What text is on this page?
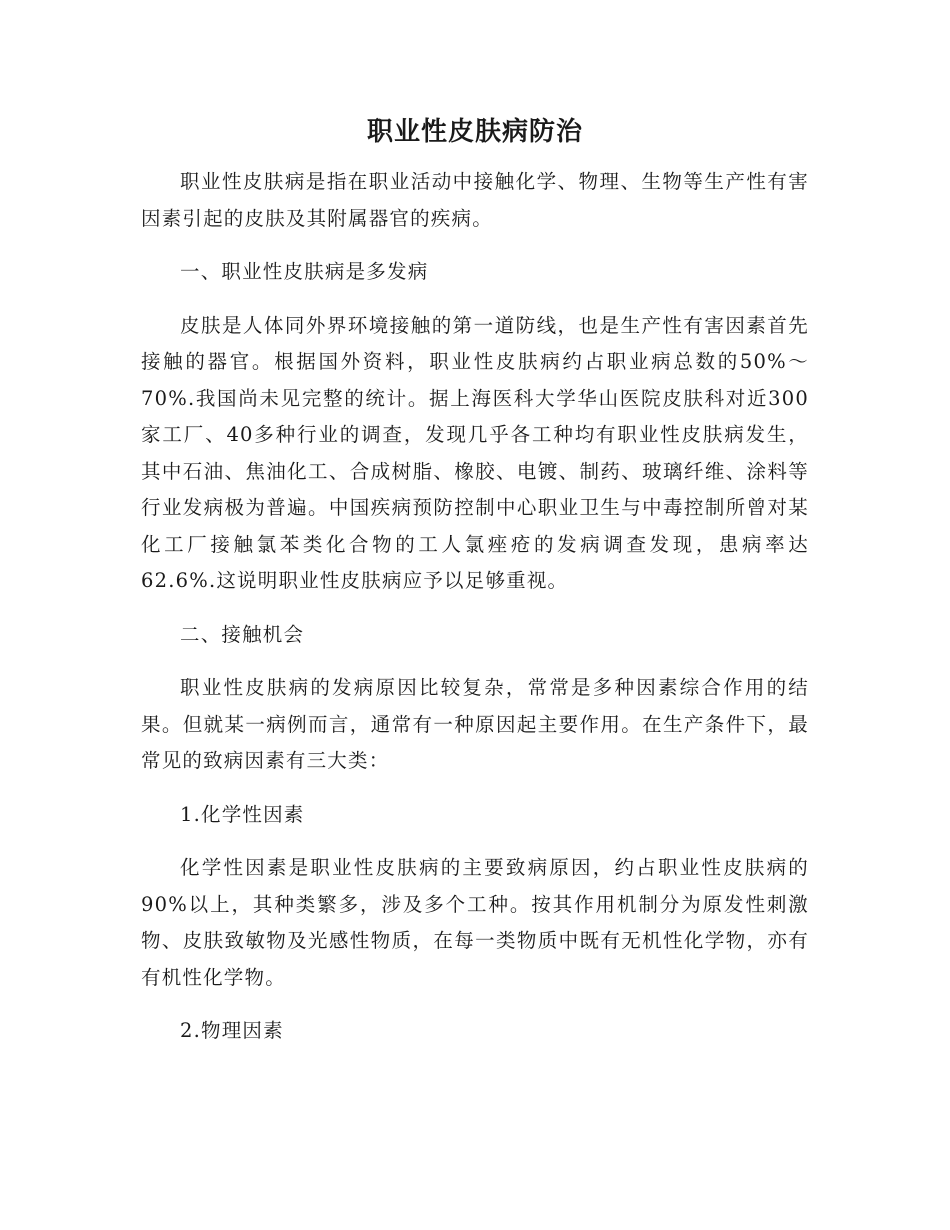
职业性皮肤病防治

职业性皮肤病是指在职业活动中接触化学、物理、生物等生产性有害因素引起的皮肤及其附属器官的疾病。

一、职业性皮肤病是多发病

皮肤是人体同外界环境接触的第一道防线，也是生产性有害因素首先接触的器官。根据国外资料，职业性皮肤病约占职业病总数的50%～70%.我国尚未见完整的统计。据上海医科大学华山医院皮肤科对近300家工厂、40多种行业的调查，发现几乎各工种均有职业性皮肤病发生，其中石油、焦油化工、合成树脂、橡胶、电镀、制药、玻璃纤维、涂料等行业发病极为普遍。中国疾病预防控制中心职业卫生与中毒控制所曾对某化工厂接触氯苯类化合物的工人氯痤疮的发病调查发现，患病率达62.6%.这说明职业性皮肤病应予以足够重视。

二、接触机会

职业性皮肤病的发病原因比较复杂，常常是多种因素综合作用的结果。但就某一病例而言，通常有一种原因起主要作用。在生产条件下，最常见的致病因素有三大类：

1.化学性因素

化学性因素是职业性皮肤病的主要致病原因，约占职业性皮肤病的90%以上，其种类繁多，涉及多个工种。按其作用机制分为原发性刺激物、皮肤致敏物及光感性物质，在每一类物质中既有无机性化学物，亦有有机性化学物。

2.物理因素
